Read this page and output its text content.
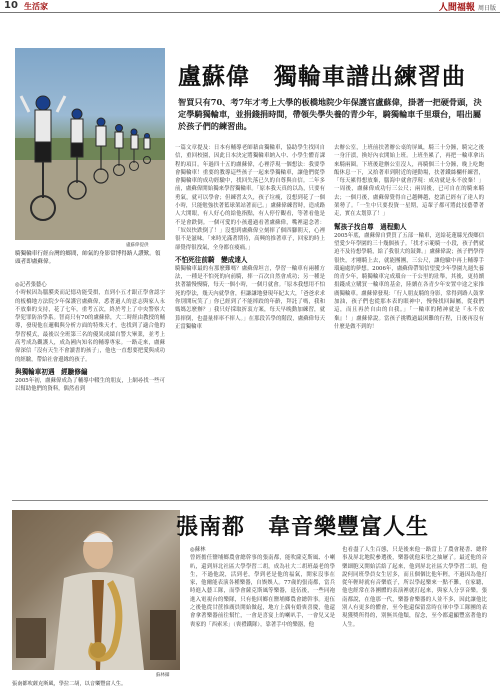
10 生活家	人間福報 周日版
盧蘇偉提供
騎獨輪車行經台灣的鄉間，帥氣的身影常博得路人讚歎。領頭者即盧蘇偉。
盧蘇偉　獨輪車譜出練習曲
智買只有70、考7年才考上大學的板橋地院少年保護官盧蘇偉，掛著一把硬骨頭，決定學騎獨輪車，並捐錢捐時間，帶領失學失養的青少年，騎獨輪車千里環台，唱出屬於孩子們的練習曲。
◎記者張藝心
小時候因為腦膜炎而記憶功能受損，直到小五才跟正學會認字的板橋地方法院少年保護官盧蘇偉，悉著過人的意志與家人永不放棄的支持，花了七年，重考五次，終於考上了中央警察大學犯罪防治學系。智商只有70的盧蘇偉，大二時經由教授的輔導，發現他在邏輯與分析方面的特殊天才，也找到了適合他的學習模式，最後以全班第三名的優異成績自警大畢業，並考上高考成為觀護人，成為國內知名的輔導專家。一路走來，盧蘇偉深信「沒有天生不會讀書的孩子」，他也一直想要把愛與成功的經驗，帶給社會邊緣的孩子。
與獨輪車初遇　經驗修編
2005年初，盧蘇偉成為了輔導中輟生的朋友，上網尋找一些可以幫助他們的資料，偶然看到
一篇文章提及：日本有輔導老師藉由獨輪車，協助學生找回自信，重回校園，因此日本決定將獨輪車納入中、小學生體育課程的項目。年過四十五的盧蘇偉，心裡浮現一個想法：我要學會獨輪車！重要的教導這些孩子一起來學獨輪車，讓他們從學會獨輪車的成功經驗中，找回失落已久的自尊與自信。二年多前，盧蘇偉開始獨來學習獨輪車。「原本我天真的以為，只要有勇氣，就可以學會；但練習太久，孩子垃瘦，沒想到花了一個小時，只能勉強扶著籃球架站著而已。」盧蘇偉練習時，造成路人大開眼，有人好心的給他指點，有人停佇觀看，等著看他是不是會跌倒。一個可愛的小孩邊過看著盧蘇偉，嘴裡還念著：「奴奴快跌倒了！」沒想到盧蘇偉立刻摔了個四腳朝天，心裡很不是滋味。「來時光滿著期待，高興的推著車子，回家的時上卻覺得很洩氣，全身都在痠痛。」
不怕死往前騎　變成達人
騎獨輪車最的有那麼難嗎？盧蘇偉坦言，學習一輪車有兩種方法，一種是不怕死的向前騎，摔一百次自然會成功；另一種是扶著牆慢慢騎，每天一個小時，一個月就會。「原本我想用不怕死的學法，幾天內就學會，但謙謙地發現年紀太大，「爸爸求求你別開玩笑了」你已經到了不能摔跤的年齡，拜託了嗎，我和媽媽怎麼辦？」我只好採取折衷方案，每天早晚動加練習，就算摔倒，也盡量摔率不摔人。」在那段苦學的階段，盧蘇偉每天正當獨輪車
去辦公室，上班前扶著辦公桌的屏風，騎三十分鐘，騎完之後一身汗漬，換好內衣開始上班。上班坐累了，再把一輪車拿出來騎兩圈。下班後趁辦公室沒人，再騎個三十分鐘，晚上吃飽飯休息一下，又拾著車到附近的運動場，扶著鐵絲欄杆練習，「每天累得想放棄，腦海中就會浮現：成功就是永不放棄！」一周後，盧蘇偉成功行三公尺；兩周後，已可自在的騎來騎去；一個月後，盧蘇偉覺得自己越轉越，挖諾已經有了達人的架勢了。「一生中只要投資一星期，這輩子都可將此技藝帶著走，實在太划算了！」
幫孩子找自尊　過程動人
2005年底，盧蘇偉自費買了五部一輪車，送給花蓮縣光復鄉信望愛少年學園的三十幾個孩子。「找才示範騎一小段，孩子們就迫不及待想學騎，給了我很大的鼓舞。」盧蘇偉說；孩子們學得很快，才剛騎上去，就能團團，三公尺，讓他驗中再上輔導手環遍處的夢想。2006年，盧蘇偉帶領信望愛少年學園九週失養的青少年，騎獨輪車完成環台一千公里的壯舉，其後，更持續捐錢成立購買一輪車的基金，陸續在各青少年安置中途之家推廣獨輪車。盧蘇偉發現：「行人朋友騎的身影，常得到路人鼓掌加油，孩子們也從那本表的眼神中，慢慢找回歸屬，從我們這，而且再於自由的自我。」「一輪車的精神就是『永不放棄』！」盧蘇偉說。當孩子挑戰過最困難的行程，日後再沒有什麼是做不到的！
蘇林攝
張南都吹薩克斯風，學拉二胡，以音樂豐富人生。
張南都　韋音樂豐富人生
◎蘇林
曾經擔任鹽埔鄉農會總幹事的張南都，能吹薩克斯風、小喇叭，還到屏北社區大學學習二胡，成為社大二胡班最老的學生，不過他說，活到老，學到老是他的福氣，開家沒事在家，他爾能表演各種樂器，自娛娛人。77歲的張南都，當兵時進入藝工隊，而學會薩克斯風等樂器，退伍後，一些同袍進入電視台的樂隊，只有他回鄉在鹽埔鄉農會總幹事。退伍之後他從甘蔗推廣員開始做起，地方上偶有婚喪喜慶，他還會拿著樂器前往幫忙，一會是喜宴上的喇叭手，一會兒又是喪家的「西索米」（喪禮鐵隊），靠著手中的樂器，他
也看盡了人生百態，只是後來他一路當上了農會秘書、總幹事及屏北地院參選後，樂器就他束塗之抽屜了。最近他的音樂細胞又開始活絡了起來，他到屏北社區大學學習二胡，他說何同班學員女生居多，而且個個比他年輕，不過因為他打從年輕時就有音樂底子，所以學起樂來一點不難，在家聽，他也經常在各團體的表演裡就打起來，與家人分享音樂。張南都說，在他那一代，樂器會樂器的人並不多，因此讓他比別人有更多的體會，至今他還保留當時在軍中學工隊團的表現獲獎所得的，別無其他類，留念，至今都還顯豐富著他的人生。
